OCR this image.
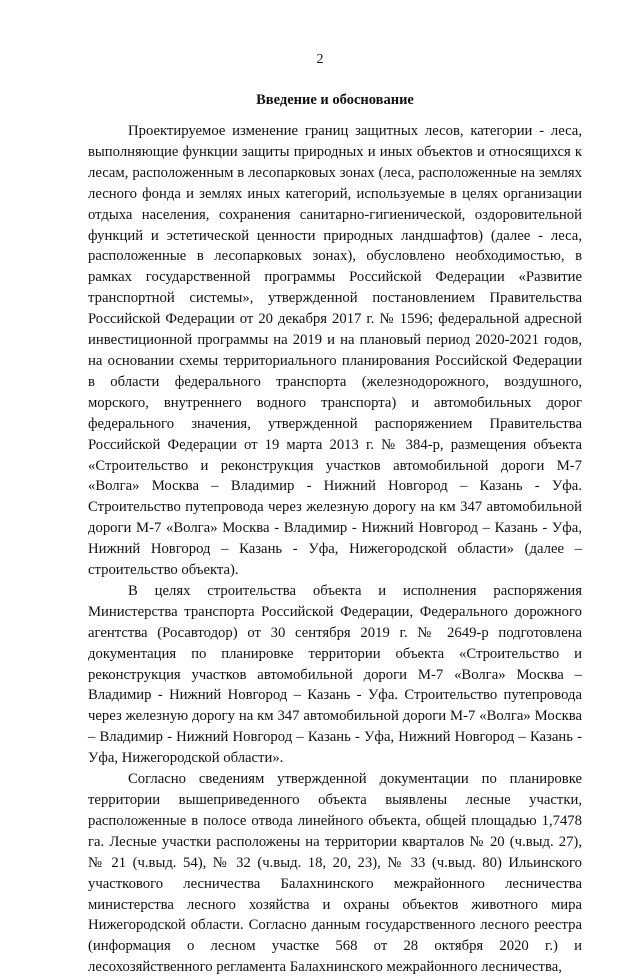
2
Введение и обоснование

Проектируемое изменение границ защитных лесов, категории - леса, выполняющие функции защиты природных и иных объектов и относящихся к лесам, расположенным в лесопарковых зонах (леса, расположенные на землях лесного фонда и землях иных категорий, используемые в целях организации отдыха населения, сохранения санитарно-гигиенической, оздоровительной функций и эстетической ценности природных ландшафтов) (далее - леса, расположенные в лесопарковых зонах), обусловлено необходимостью, в рамках государственной программы Российской Федерации «Развитие транспортной системы», утвержденной постановлением Правительства Российской Федерации от 20 декабря 2017 г. № 1596; федеральной адресной инвестиционной программы на 2019 и на плановый период 2020-2021 годов, на основании схемы территориального планирования Российской Федерации в области федерального транспорта (железнодорожного, воздушного, морского, внутреннего водного транспорта) и автомобильных дорог федерального значения, утвержденной распоряжением Правительства Российской Федерации от 19 марта 2013 г. № 384-р, размещения объекта «Строительство и реконструкция участков автомобильной дороги М-7 «Волга» Москва – Владимир - Нижний Новгород – Казань - Уфа. Строительство путепровода через железную дорогу на км 347 автомобильной дороги М-7 «Волга» Москва - Владимир - Нижний Новгород – Казань - Уфа, Нижний Новгород – Казань - Уфа, Нижегородской области» (далее – строительство объекта).

В целях строительства объекта и исполнения распоряжения Министерства транспорта Российской Федерации, Федерального дорожного агентства (Росавтодор) от 30 сентября 2019 г. № 2649-р подготовлена документация по планировке территории объекта «Строительство и реконструкция участков автомобильной дороги М-7 «Волга» Москва – Владимир - Нижний Новгород – Казань - Уфа. Строительство путепровода через железную дорогу на км 347 автомобильной дороги М-7 «Волга» Москва – Владимир - Нижний Новгород – Казань - Уфа, Нижний Новгород – Казань - Уфа, Нижегородской области».

Согласно сведениям утвержденной документации по планировке территории вышеприведенного объекта выявлены лесные участки, расположенные в полосе отвода линейного объекта, общей площадью 1,7478 га. Лесные участки расположены на территории кварталов № 20 (ч.выд. 27), № 21 (ч.выд. 54), № 32 (ч.выд. 18, 20, 23), № 33 (ч.выд. 80) Ильинского участкового лесничества Балахнинского межрайонного лесничества министерства лесного хозяйства и охраны объектов животного мира Нижегородской области. Согласно данным государственного лесного реестра (информация о лесном участке 568 от 28 октября 2020 г.) и лесохозяйственного регламента Балахнинского межрайонного лесничества,
